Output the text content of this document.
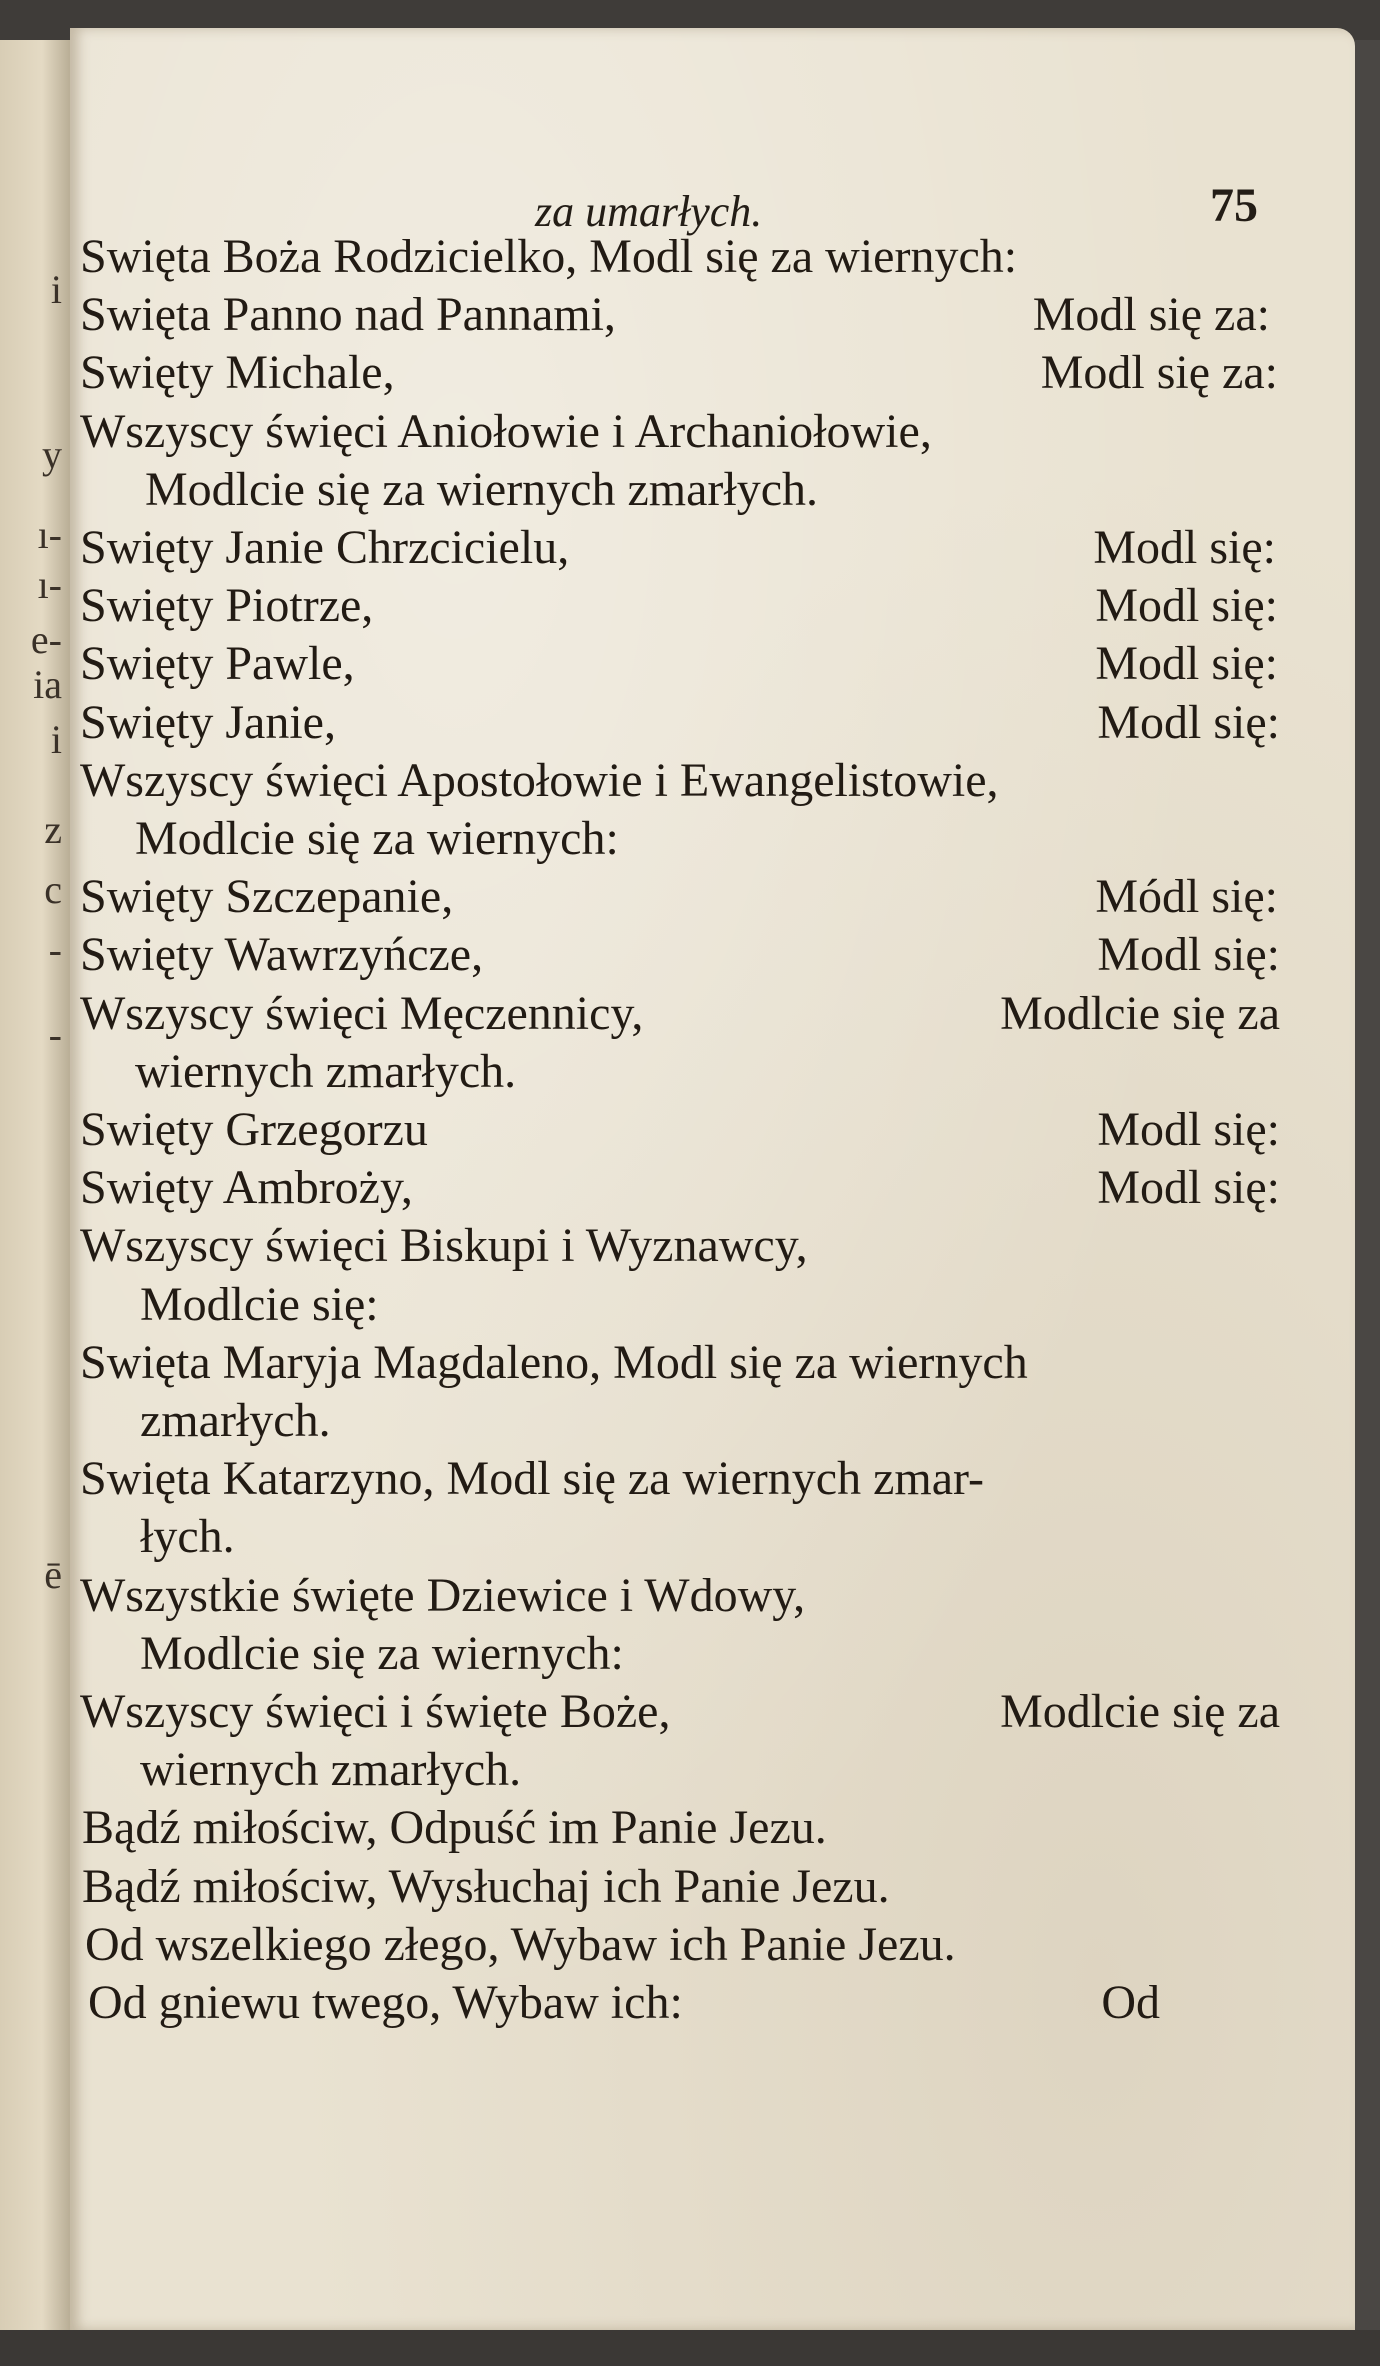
i
y
ı-
ı-
e-
ia
i
z
c
-
-
ē
za umarłych.	75
Swięta Boża Rodzicielko, Modl się za wiernych:
Swięta Panno nad Pannami,	Modl się za:
Swięty Michale,	Modl się za:
Wszyscy święci Aniołowie i Archaniołowie,
Modlcie się za wiernych zmarłych.
Swięty Janie Chrzcicielu,	Modl się:
Swięty Piotrze,	Modl się:
Swięty Pawle,	Modl się:
Swięty Janie,	Modl się:
Wszyscy święci Apostołowie i Ewangelistowie,
Modlcie się za wiernych:
Swięty Szczepanie,	Módl się:
Swięty Wawrzyńcze,	Modl się:
Wszyscy święci Męczennicy,	Modlcie się za
wiernych zmarłych.
Swięty Grzegorzu	Modl się:
Swięty Ambroży,	Modl się:
Wszyscy święci Biskupi i Wyznawcy,
Modlcie się:
Swięta Maryja Magdaleno, Modl się za wiernych
zmarłych.
Swięta Katarzyno, Modl się za wiernych zmar-
łych.
Wszystkie święte Dziewice i Wdowy,
Modlcie się za wiernych:
Wszyscy święci i święte Boże,	Modlcie się za
wiernych zmarłych.
Bądź miłościw, Odpuść im Panie Jezu.
Bądź miłościw, Wysłuchaj ich Panie Jezu.
Od wszelkiego złego, Wybaw ich Panie Jezu.
Od gniewu twego, Wybaw ich:	Od
